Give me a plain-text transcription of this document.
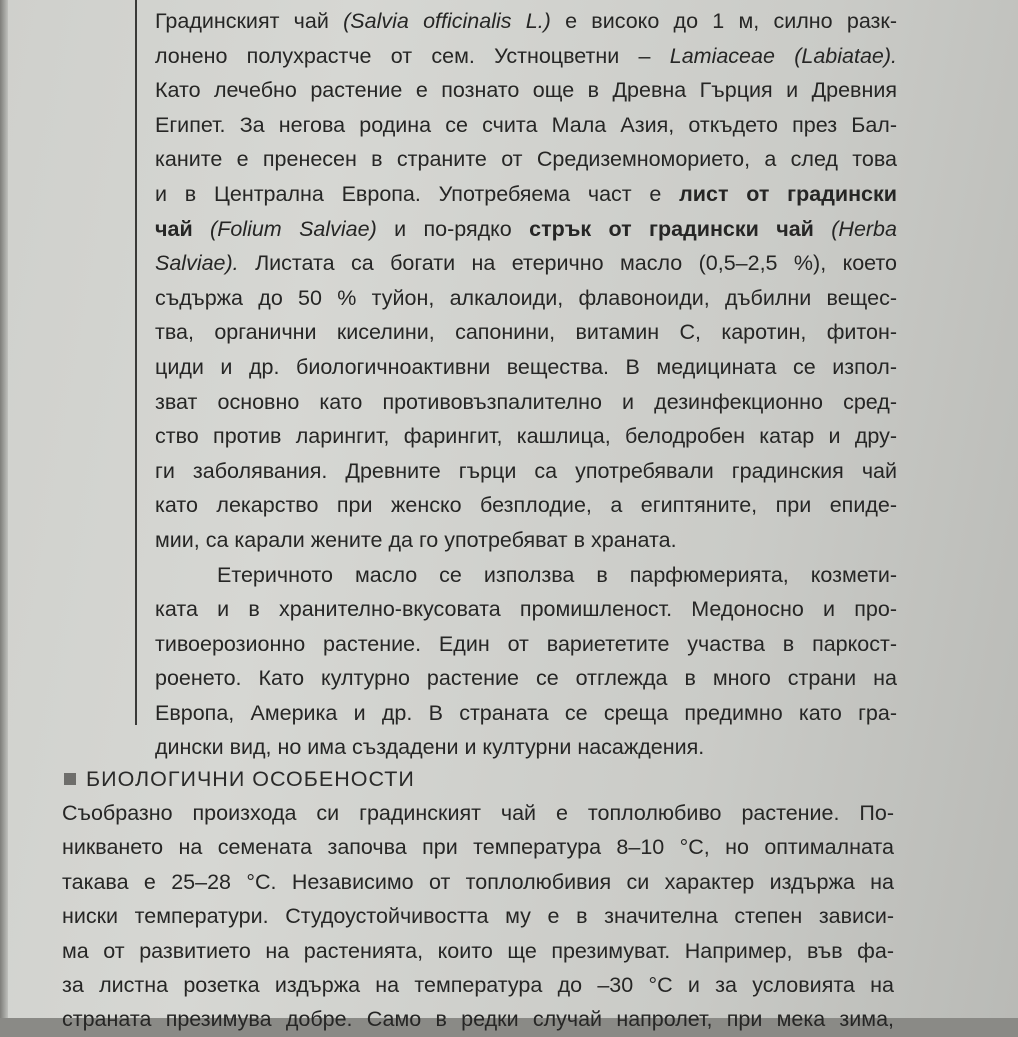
Градинският чай (Salvia officinalis L.) е високо до 1 м, силно разк-
лонено полухрастче от сем. Устноцветни – Lamiaceae (Labiatae).
Като лечебно растение е познато още в Древна Гърция и Древния
Египет. За негова родина се счита Мала Азия, откъдето през Бал-
каните е пренесен в страните от Средиземноморието, а след това
и в Централна Европа. Употребяема част е лист от градински
чай (Folium Salviae) и по-рядко стрък от градински чай (Herba
Salviae). Листата са богати на етерично масло (0,5–2,5 %), което
съдържа до 50 % туйон, алкалоиди, флавоноиди, дъбилни вещес-
тва, органични киселини, сапонини, витамин С, каротин, фитон-
циди и др. биологичноактивни вещества. В медицината се изпол-
зват основно като противовъзпалително и дезинфекционно сред-
ство против ларингит, фарингит, кашлица, белодробен катар и дру-
ги заболявания. Древните гърци са употребявали градинския чай
като лекарство при женско безплодие, а египтяните, при епиде-
мии, са карали жените да го употребяват в храната.
Етеричното масло се използва в парфюмерията, козмети-
ката и в хранително-вкусовата промишленост. Медоносно и про-
тивоерозионно растение. Един от вариететите участва в паркост-
роенето. Като културно растение се отглежда в много страни на
Европа, Америка и др. В страната се среща предимно като гра-
дински вид, но има създадени и културни насаждения.
БИОЛОГИЧНИ ОСОБЕНОСТИ
Съобразно произхода си градинският чай е топлолюбиво растение. По-
никването на семената започва при температура 8–10 °C, но оптималната
такава е 25–28 °C. Независимо от топлолюбивия си характер издържа на
ниски температури. Студоустойчивостта му е в значителна степен зависи-
ма от развитието на растенията, които ще презимуват. Например, във фа-
за листна розетка издържа на температура до –30 °C и за условията на
страната презимува добре. Само в редки случай напролет, при мека зима,
